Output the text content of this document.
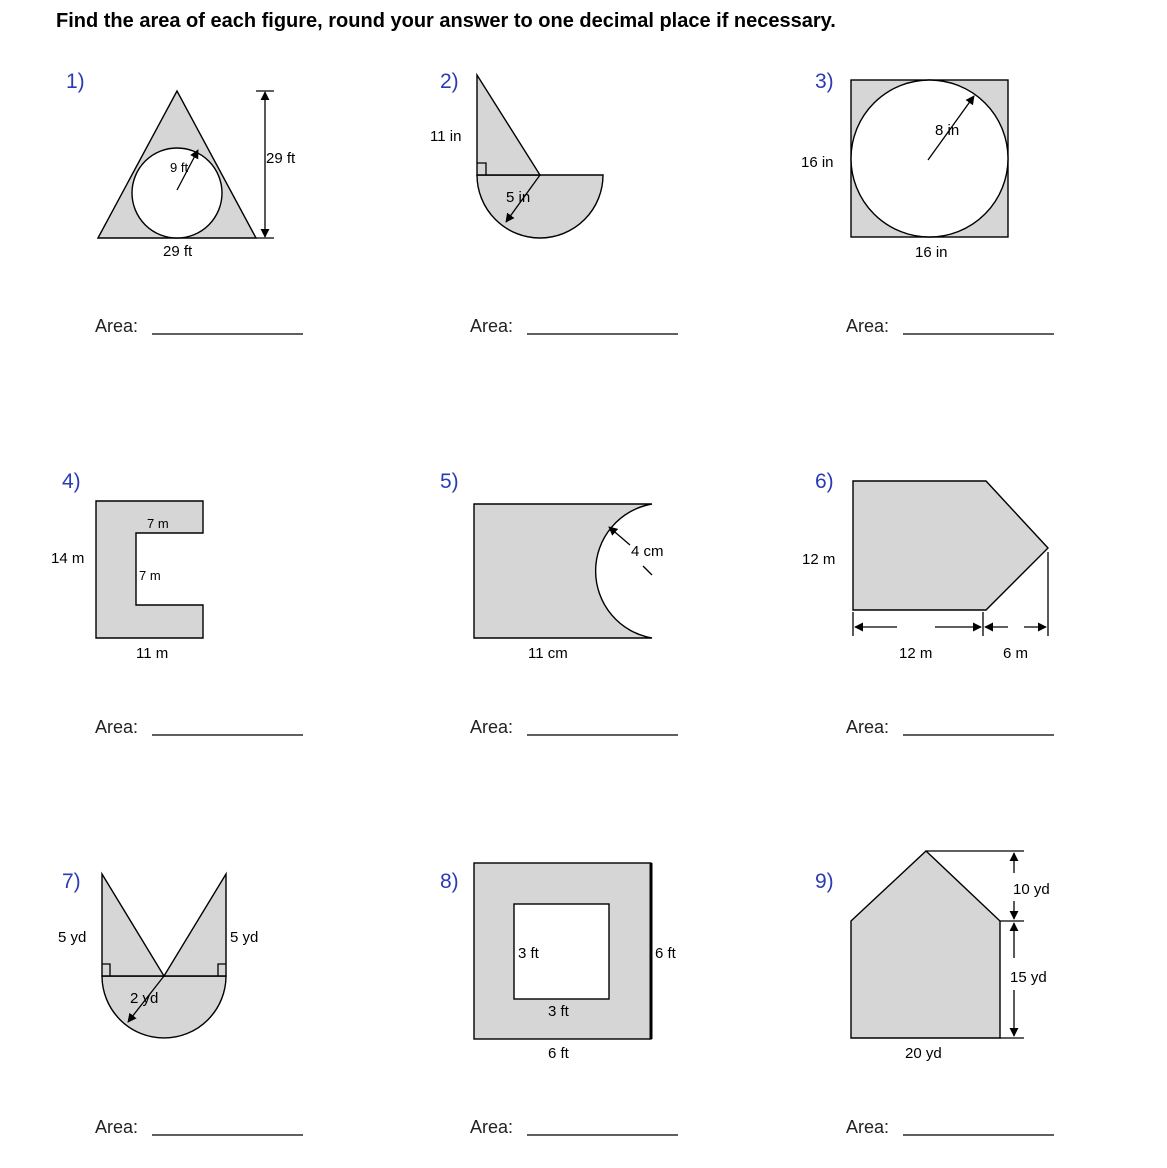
Find the area of each figure, round your answer to one decimal place if necessary.
1)
9 ft
29 ft
29 ft
Area:
2)
11 in
5 in
Area:
3)
8 in
16 in
16 in
Area:
4)
7 m
14 m
7 m
11 m
Area:
5)
4 cm
11 cm
Area:
6)
12 m
12 m	6 m
Area:
7)
5 yd	5 yd
2 yd
Area:
8)
3 ft	6 ft
3 ft
6 ft
Area:
9)	10 yd
15 yd
20 yd
Area:
